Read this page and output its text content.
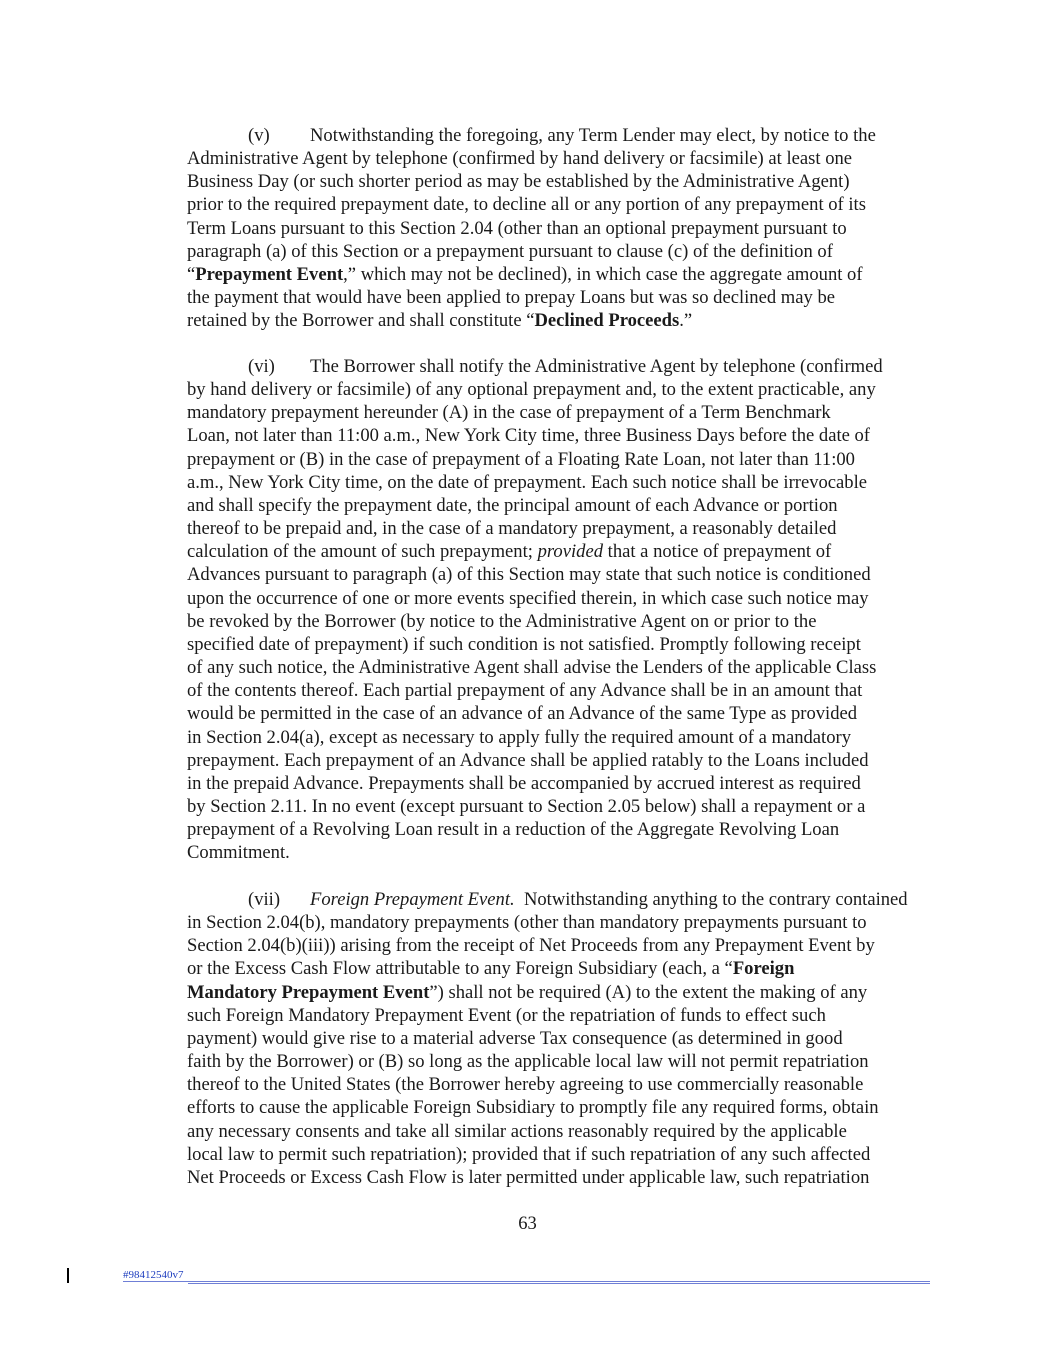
(v) Notwithstanding the foregoing, any Term Lender may elect, by notice to the
Administrative Agent by telephone (confirmed by hand delivery or facsimile) at least one
Business Day (or such shorter period as may be established by the Administrative Agent)
prior to the required prepayment date, to decline all or any portion of any prepayment of its
Term Loans pursuant to this Section 2.04 (other than an optional prepayment pursuant to
paragraph (a) of this Section or a prepayment pursuant to clause (c) of the definition of
“Prepayment Event,” which may not be declined), in which case the aggregate amount of
the payment that would have been applied to prepay Loans but was so declined may be
retained by the Borrower and shall constitute “Declined Proceeds.”
(vi) The Borrower shall notify the Administrative Agent by telephone (confirmed
by hand delivery or facsimile) of any optional prepayment and, to the extent practicable, any
mandatory prepayment hereunder (A) in the case of prepayment of a Term Benchmark
Loan, not later than 11:00 a.m., New York City time, three Business Days before the date of
prepayment or (B) in the case of prepayment of a Floating Rate Loan, not later than 11:00
a.m., New York City time, on the date of prepayment. Each such notice shall be irrevocable
and shall specify the prepayment date, the principal amount of each Advance or portion
thereof to be prepaid and, in the case of a mandatory prepayment, a reasonably detailed
calculation of the amount of such prepayment; provided that a notice of prepayment of
Advances pursuant to paragraph (a) of this Section may state that such notice is conditioned
upon the occurrence of one or more events specified therein, in which case such notice may
be revoked by the Borrower (by notice to the Administrative Agent on or prior to the
specified date of prepayment) if such condition is not satisfied. Promptly following receipt
of any such notice, the Administrative Agent shall advise the Lenders of the applicable Class
of the contents thereof. Each partial prepayment of any Advance shall be in an amount that
would be permitted in the case of an advance of an Advance of the same Type as provided
in Section 2.04(a), except as necessary to apply fully the required amount of a mandatory
prepayment. Each prepayment of an Advance shall be applied ratably to the Loans included
in the prepaid Advance. Prepayments shall be accompanied by accrued interest as required
by Section 2.11. In no event (except pursuant to Section 2.05 below) shall a repayment or a
prepayment of a Revolving Loan result in a reduction of the Aggregate Revolving Loan
Commitment.
(vii) Foreign Prepayment Event.  Notwithstanding anything to the contrary contained
in Section 2.04(b), mandatory prepayments (other than mandatory prepayments pursuant to
Section 2.04(b)(iii)) arising from the receipt of Net Proceeds from any Prepayment Event by
or the Excess Cash Flow attributable to any Foreign Subsidiary (each, a “Foreign
Mandatory Prepayment Event”) shall not be required (A) to the extent the making of any
such Foreign Mandatory Prepayment Event (or the repatriation of funds to effect such
payment) would give rise to a material adverse Tax consequence (as determined in good
faith by the Borrower) or (B) so long as the applicable local law will not permit repatriation
thereof to the United States (the Borrower hereby agreeing to use commercially reasonable
efforts to cause the applicable Foreign Subsidiary to promptly file any required forms, obtain
any necessary consents and take all similar actions reasonably required by the applicable
local law to permit such repatriation); provided that if such repatriation of any such affected
Net Proceeds or Excess Cash Flow is later permitted under applicable law, such repatriation
63
#98412540v7
